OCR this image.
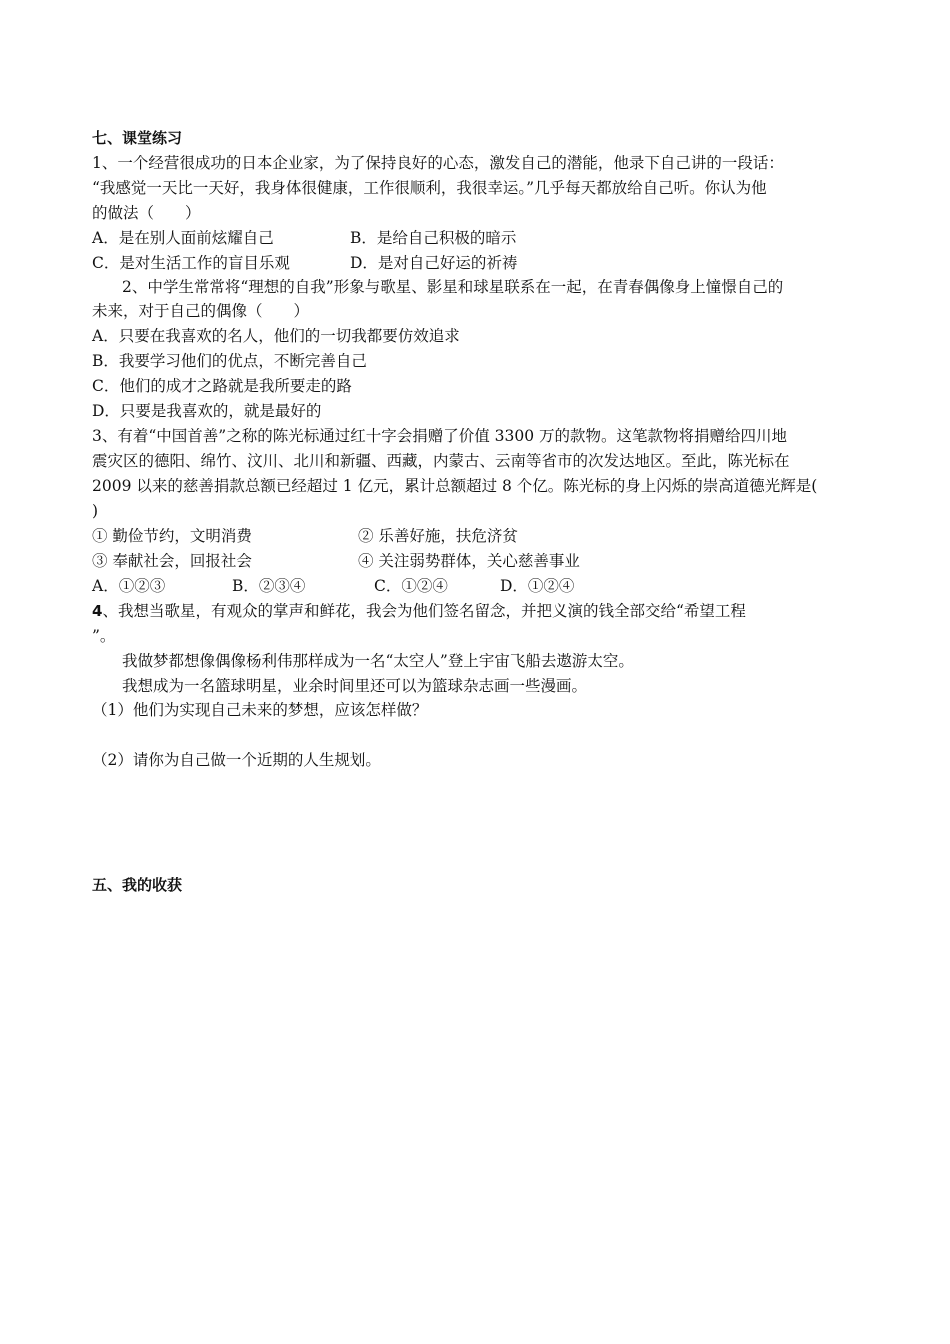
七、课堂练习
1、一个经营很成功的日本企业家，为了保持良好的心态，激发自己的潜能，他录下自己讲的一段话：
“我感觉一天比一天好，我身体很健康，工作很顺利，我很幸运。”几乎每天都放给自己听。你认为他
的做法（　　）
A．是在别人面前炫耀自己	B．是给自己积极的暗示
C．是对生活工作的盲目乐观	D．是对自己好运的祈祷
2、中学生常常将“理想的自我”形象与歌星、影星和球星联系在一起，在青春偶像身上憧憬自己的
未来，对于自己的偶像（　　）
A．只要在我喜欢的名人，他们的一切我都要仿效追求
B．我要学习他们的优点，不断完善自己
C．他们的成才之路就是我所要走的路
D．只要是我喜欢的，就是最好的
3、有着“中国首善”之称的陈光标通过红十字会捐赠了价值 3300 万的款物。这笔款物将捐赠给四川地
震灾区的德阳、绵竹、汶川、北川和新疆、西藏，内蒙古、云南等省市的次发达地区。至此，陈光标在
2009 以来的慈善捐款总额已经超过 1 亿元，累计总额超过 8 个亿。陈光标的身上闪烁的崇高道德光辉是(
)
① 勤俭节约，文明消费	② 乐善好施，扶危济贫
③ 奉献社会，回报社会	④ 关注弱势群体，关心慈善事业
A．①②③	B．②③④	C．①②④	D．①②④
4、我想当歌星，有观众的掌声和鲜花，我会为他们签名留念，并把义演的钱全部交给“希望工程
”。
我做梦都想像偶像杨利伟那样成为一名“太空人”登上宇宙飞船去遨游太空。
我想成为一名篮球明星，业余时间里还可以为篮球杂志画一些漫画。
（1）他们为实现自己未来的梦想，应该怎样做？
（2）请你为自己做一个近期的人生规划。
五、我的收获
